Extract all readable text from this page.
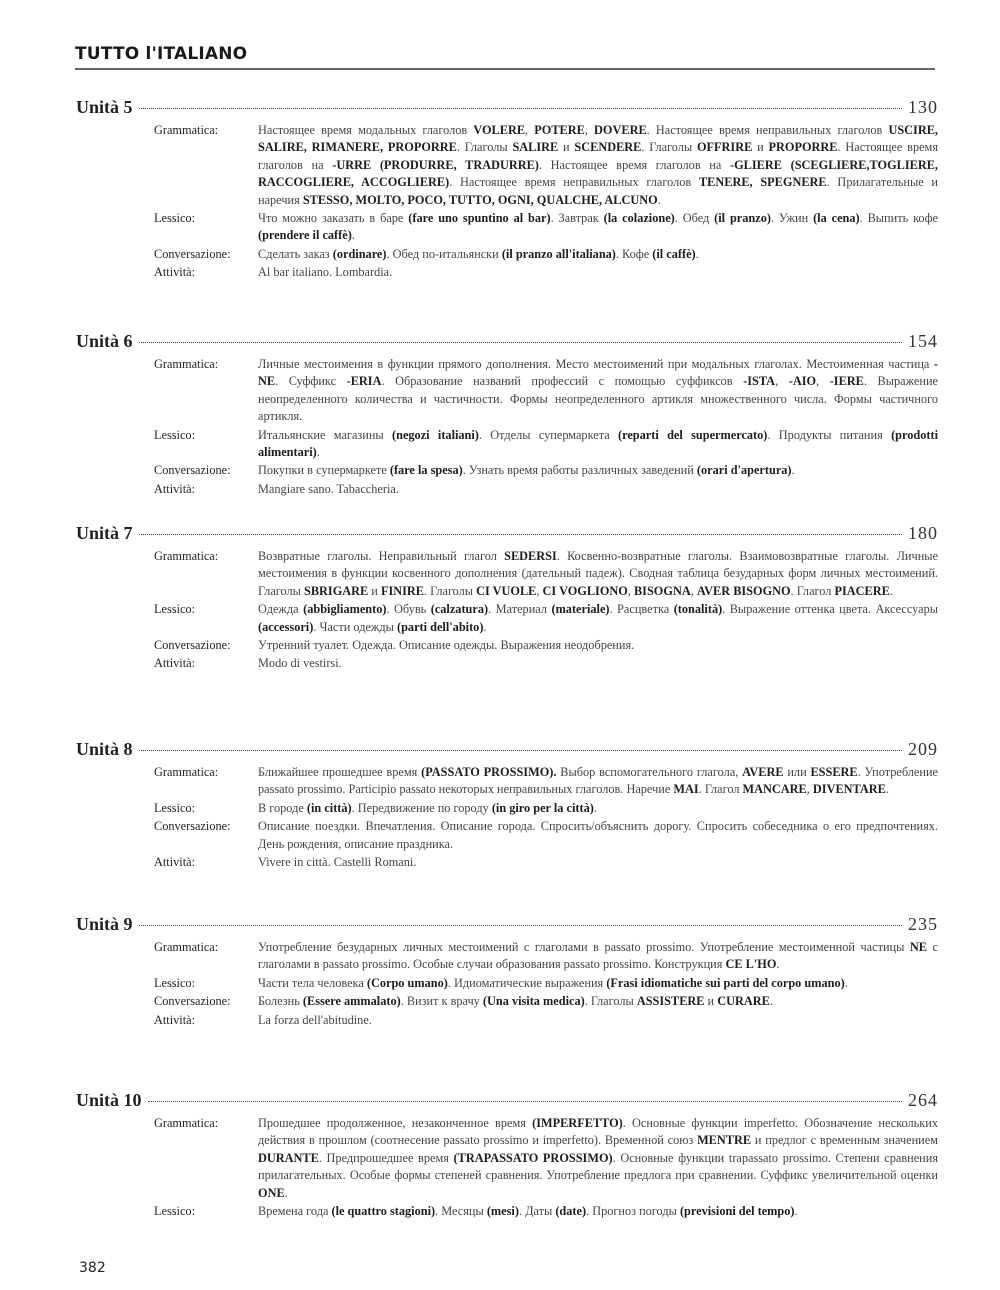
TUTTO l'ITALIANO
Unità 5	130
Grammatica:	Настоящее время модальных глаголов VOLERE, POTERE, DOVERE. Настоящее время неправильных глаголов USCIRE, SALIRE, RIMANERE, PROPORRE. Глаголы SALIRE и SCENDERE. Глаголы OFFRIRE и PROPORRE. Настоящее время глаголов на -URRE (PRODURRE, TRADURRE). Настоящее время глаголов на -GLIERE (SCEGLIERE,TOGLIERE, RACCOGLIERE, ACCOGLIERE). Настоящее время неправильных глаголов TENERE, SPEGNERE. Прилагательные и наречия STESSO, MOLTO, POCO, TUTTO, OGNI, QUALCHE, ALCUNO.
Lessico:	Что можно заказать в баре (fare uno spuntino al bar). Завтрак (la colazione). Обед (il pranzo). Ужин (la cena). Выпить кофе (prendere il caffè).
Conversazione:	Сделать заказ (ordinare). Обед по-итальянски (il pranzo all'italiana). Кофе (il caffè).
Attività:	Al bar italiano. Lombardia.
Unità 6	154
Grammatica:	Личные местоимения в функции прямого дополнения. Место местоимений при модальных глаголах. Местоименная частица -NE. Суффикс -ERIA. Образование названий профессий с помощью суффиксов -ISTA, -AIO, -IERE. Выражение неопределенного количества и частичности. Формы неопределенного артикля множественного числа. Формы частичного артикля.
Lessico:	Итальянские магазины (negozi italiani). Отделы супермаркета (reparti del supermercato). Продукты питания (prodotti alimentari).
Conversazione:	Покупки в супермаркете (fare la spesa). Узнать время работы различных заведений (orari d'apertura).
Attività:	Mangiare sano. Tabaccheria.
Unità 7	180
Grammatica:	Возвратные глаголы. Неправильный глагол SEDERSI. Косвенно-возвратные глаголы. Взаимовозвратные глаголы. Личные местоимения в функции косвенного дополнения (дательный падеж). Сводная таблица безударных форм личных местоимений. Глаголы SBRIGARE и FINIRE. Глаголы CI VUOLE, CI VOGLIONO, BISOGNA, AVER BISOGNO. Глагол PIACERE.
Lessico:	Одежда (abbigliamento). Обувь (calzatura). Материал (materiale). Расцветка (tonalità). Выражение оттенка цвета. Аксессуары (accessori). Части одежды (parti dell'abito).
Conversazione:	Утренний туалет. Одежда. Описание одежды. Выражения неодобрения.
Attività:	Modo di vestirsi.
Unità 8	209
Grammatica:	Ближайшее прошедшее время (PASSATO PROSSIMO). Выбор вспомогательного глагола, AVERE или ESSERE. Употребление passato prossimo. Participio passato некоторых неправильных глаголов. Наречие MAI. Глагол MANCARE, DIVENTARE.
Lessico:	В городе (in città). Передвижение по городу (in giro per la città).
Conversazione:	Описание поездки. Впечатления. Описание города. Спросить/объяснить дорогу. Спросить собеседника о его предпочтениях. День рождения, описание праздника.
Attività:	Vivere in città. Castelli Romani.
Unità 9	235
Grammatica:	Употребление безударных личных местоимений с глаголами в passato prossimo. Употребление местоименной частицы NE с глаголами в passato prossimo. Особые случаи образования passato prossimo. Конструкция CE L'HO.
Lessico:	Части тела человека (Corpo umano). Идиоматические выражения (Frasi idiomatiche sui parti del corpo umano).
Conversazione:	Болезнь (Essere ammalato). Визит к врачу (Una visita medica). Глаголы ASSISTERE и CURARE.
Attività:	La forza dell'abitudine.
Unità 10	264
Grammatica:	Прошедшее продолженное, незаконченное время (IMPERFETTO). Основные функции imperfetto. Обозначение нескольких действия в прошлом (соотнесение passato prossimo и imperfetto). Временной союз MENTRE и предлог с временным значением DURANTE. Предпрошедшее время (TRAPASSATO PROSSIMO). Основные функции trapassato prossimo. Степени сравнения прилагательных. Особые формы степеней сравнения. Употребление предлога при сравнении. Суффикс увеличительной оценки ONE.
Lessico:	Времена года (le quattro stagioni). Месяцы (mesi). Даты (date). Прогноз погоды (previsioni del tempo).
382
